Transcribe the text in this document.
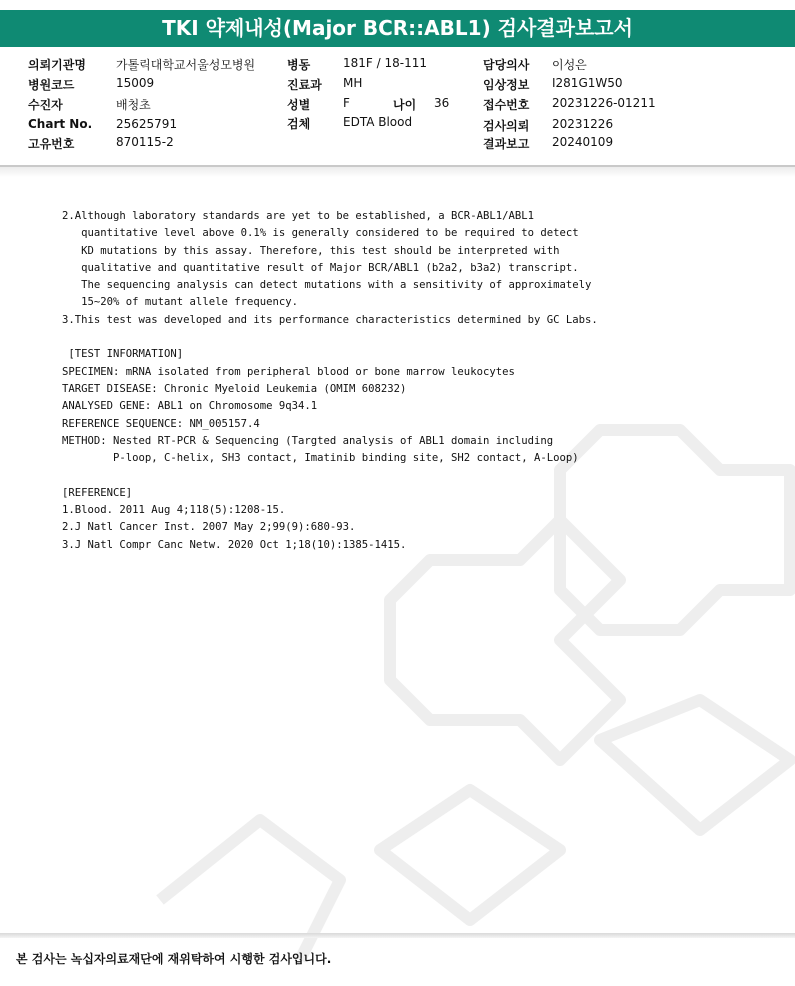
TKI 약제내성(Major BCR::ABL1) 검사결과보고서
의뢰기관명	가톨릭대학교서울성모병원
병원코드	15009
수진자	배청초
Chart No. 25625791
고유번호	870115-2
병동	181F / 18-111
진료과 MH
성별	F	나이 36
검체	EDTA Blood
담당의사 이성은
임상정보 I281G1W50
접수번호 20231226-01211
검사의뢰 20231226
결과보고 20240109
2.Although laboratory standards are yet to be established, a BCR-ABL1/ABL1
quantitative level above 0.1% is generally considered to be required to detect
KD mutations by this assay. Therefore, this test should be interpreted with
qualitative and quantitative result of Major BCR/ABL1 (b2a2, b3a2) transcript.
The sequencing analysis can detect mutations with a sensitivity of approximately
15~20% of mutant allele frequency.
3.This test was developed and its performance characteristics determined by GC Labs.
[TEST INFORMATION]
SPECIMEN: mRNA isolated from peripheral blood or bone marrow leukocytes
TARGET DISEASE: Chronic Myeloid Leukemia (OMIM 608232)
ANALYSED GENE: ABL1 on Chromosome 9q34.1
REFERENCE SEQUENCE: NM_005157.4
METHOD: Nested RT-PCR & Sequencing (Targted analysis of ABL1 domain including
P-loop, C-helix, SH3 contact, Imatinib binding site, SH2 contact, A-Loop)
[REFERENCE]
1.Blood. 2011 Aug 4;118(5):1208-15.
2.J Natl Cancer Inst. 2007 May 2;99(9):680-93.
3.J Natl Compr Canc Netw. 2020 Oct 1;18(10):1385-1415.
본 검사는 녹십자의료재단에 재위탁하여 시행한 검사입니다.
